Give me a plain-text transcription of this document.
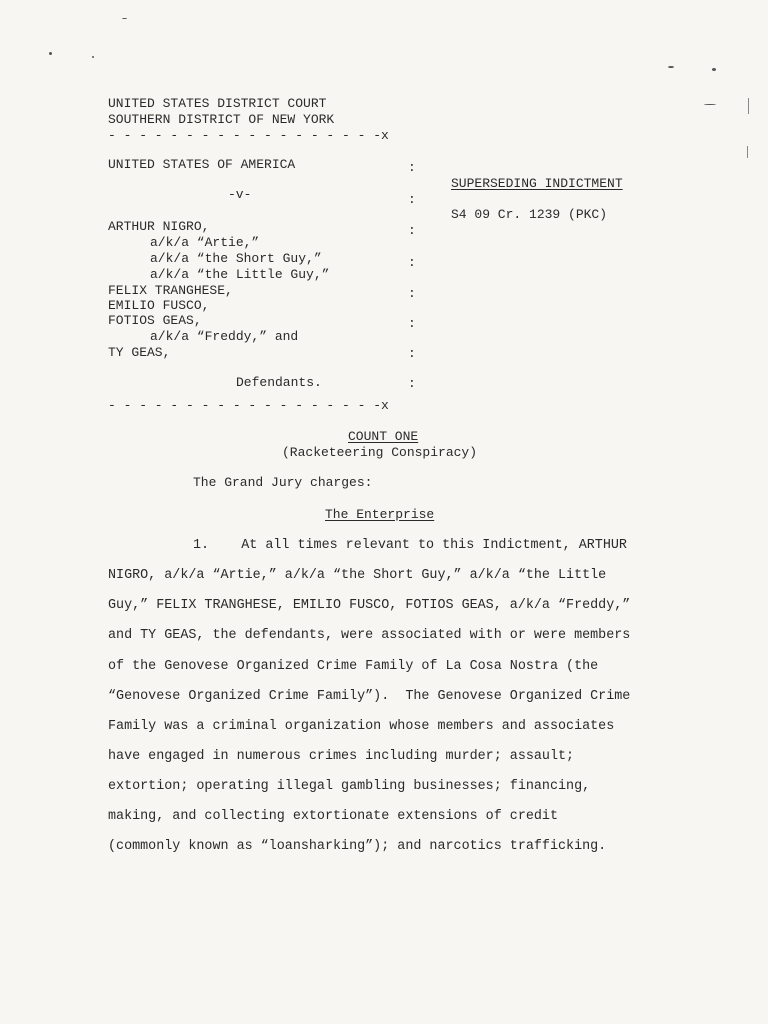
UNITED STATES DISTRICT COURT
SOUTHERN DISTRICT OF NEW YORK
- - - - - - - - - - - - - - - - - -x
UNITED STATES OF AMERICA
-v-
ARTHUR NIGRO,
a/k/a “Artie,”
a/k/a “the Short Guy,”
a/k/a “the Little Guy,”
FELIX TRANGHESE,
EMILIO FUSCO,
FOTIOS GEAS,
a/k/a “Freddy,” and
TY GEAS,
Defendants.
- - - - - - - - - - - - - - - - - -x
:
:
:
:
:
:
:
:
SUPERSEDING INDICTMENT
S4 09 Cr. 1239 (PKC)
COUNT ONE
(Racketeering Conspiracy)
The Grand Jury charges:
The Enterprise
1.    At all times relevant to this Indictment, ARTHUR
NIGRO, a/k/a “Artie,” a/k/a “the Short Guy,” a/k/a “the Little
Guy,” FELIX TRANGHESE, EMILIO FUSCO, FOTIOS GEAS, a/k/a “Freddy,”
and TY GEAS, the defendants, were associated with or were members
of the Genovese Organized Crime Family of La Cosa Nostra (the
“Genovese Organized Crime Family”).  The Genovese Organized Crime
Family was a criminal organization whose members and associates
have engaged in numerous crimes including murder; assault;
extortion; operating illegal gambling businesses; financing,
making, and collecting extortionate extensions of credit
(commonly known as “loansharking”); and narcotics trafficking.
